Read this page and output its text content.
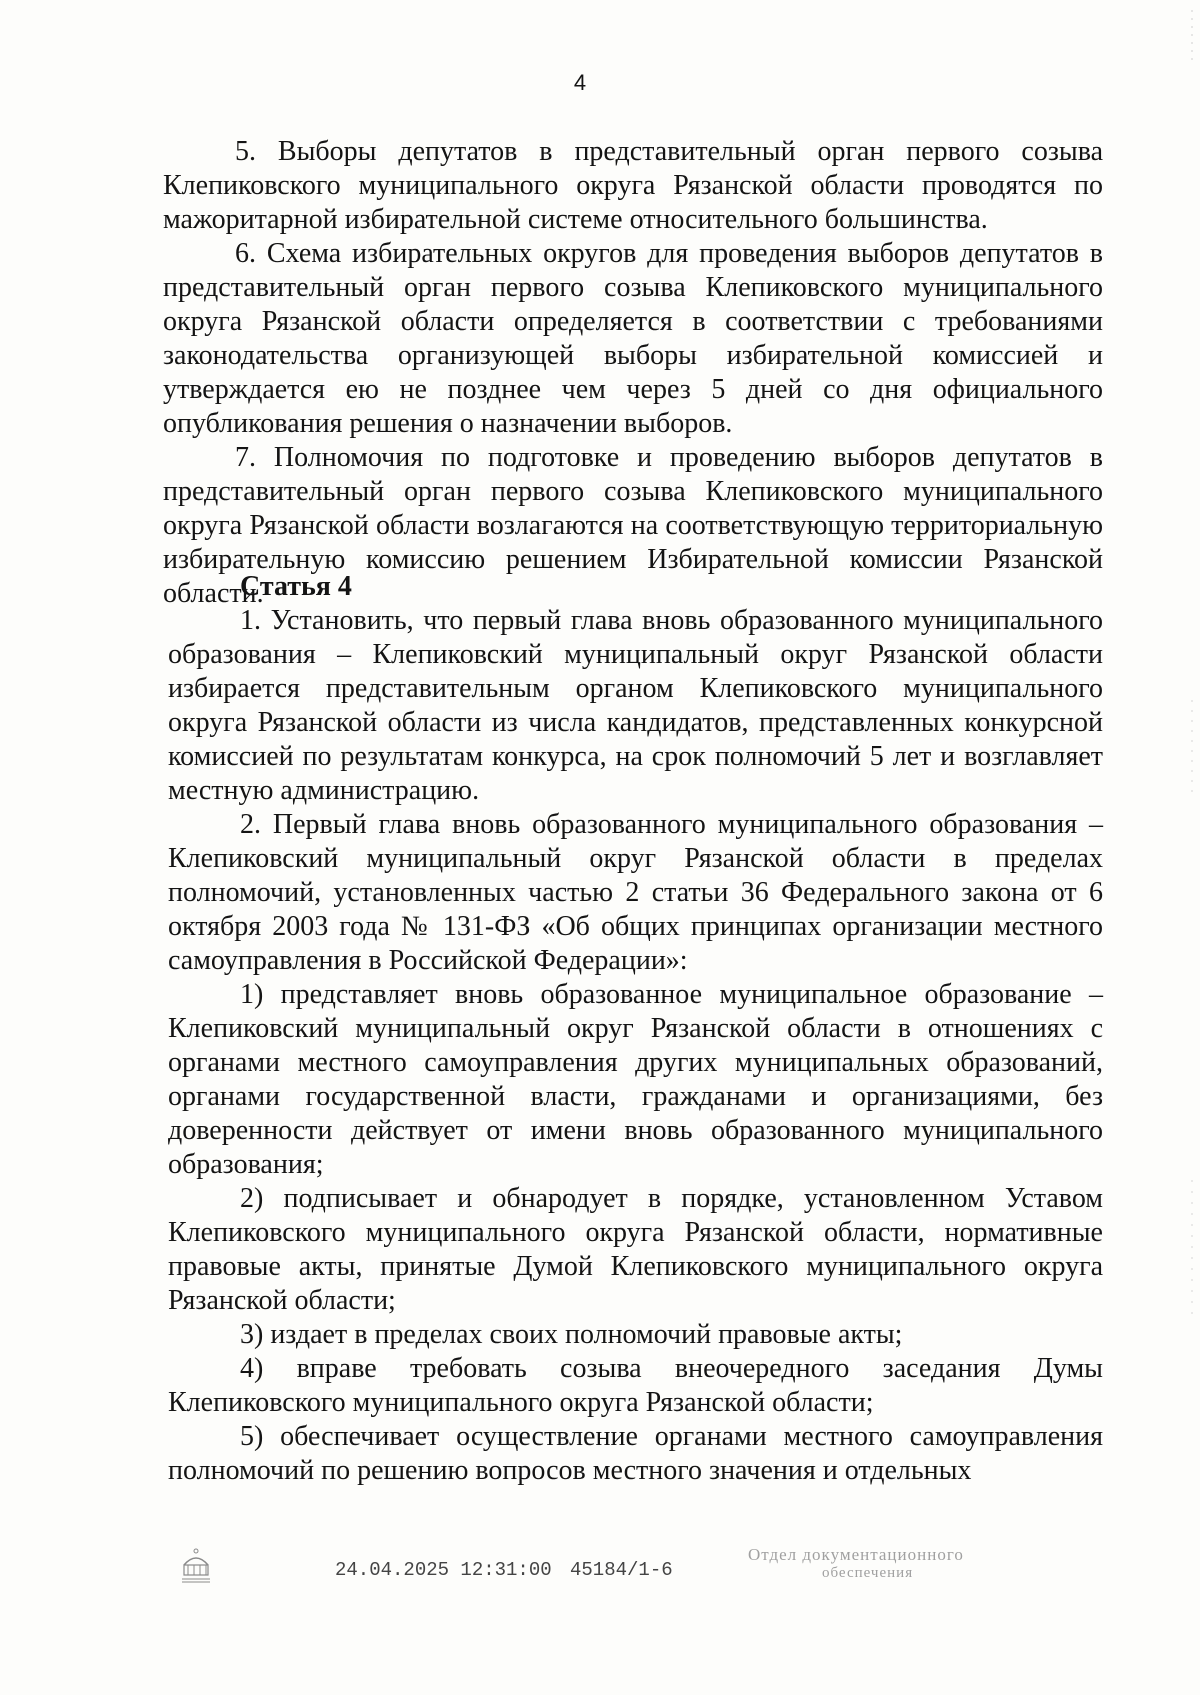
4

5. Выборы депутатов в представительный орган первого созыва Клепиковского муниципального округа Рязанской области проводятся по мажоритарной избирательной системе относительного большинства.

6. Схема избирательных округов для проведения выборов депутатов в представительный орган первого созыва Клепиковского муниципального округа Рязанской области определяется в соответствии с требованиями законодательства организующей выборы избирательной комиссией и утверждается ею не позднее чем через 5 дней со дня официального опубликования решения о назначении выборов.

7. Полномочия по подготовке и проведению выборов депутатов в представительный орган первого созыва Клепиковского муниципального округа Рязанской области возлагаются на соответствующую территориальную избирательную комиссию решением Избирательной комиссии Рязанской области.

Статья 4

1. Установить, что первый глава вновь образованного муниципального образования – Клепиковский муниципальный округ Рязанской области избирается представительным органом Клепиковского муниципального округа Рязанской области из числа кандидатов, представленных конкурсной комиссией по результатам конкурса, на срок полномочий 5 лет и возглавляет местную администрацию.

2. Первый глава вновь образованного муниципального образования – Клепиковский муниципальный округ Рязанской области в пределах полномочий, установленных частью 2 статьи 36 Федерального закона от 6 октября 2003 года № 131-ФЗ «Об общих принципах организации местного самоуправления в Российской Федерации»:

1) представляет вновь образованное муниципальное образование – Клепиковский муниципальный округ Рязанской области в отношениях с органами местного самоуправления других муниципальных образований, органами государственной власти, гражданами и организациями, без доверенности действует от имени вновь образованного муниципального образования;

2) подписывает и обнародует в порядке, установленном Уставом Клепиковского муниципального округа Рязанской области, нормативные правовые акты, принятые Думой Клепиковского муниципального округа Рязанской области;

3) издает в пределах своих полномочий правовые акты;

4) вправе требовать созыва внеочередного заседания Думы Клепиковского муниципального округа Рязанской области;

5) обеспечивает осуществление органами местного самоуправления полномочий по решению вопросов местного значения и отдельных

24.04.2025 12:31:00 45184/1-6
Отдел документационного
обеспечения
